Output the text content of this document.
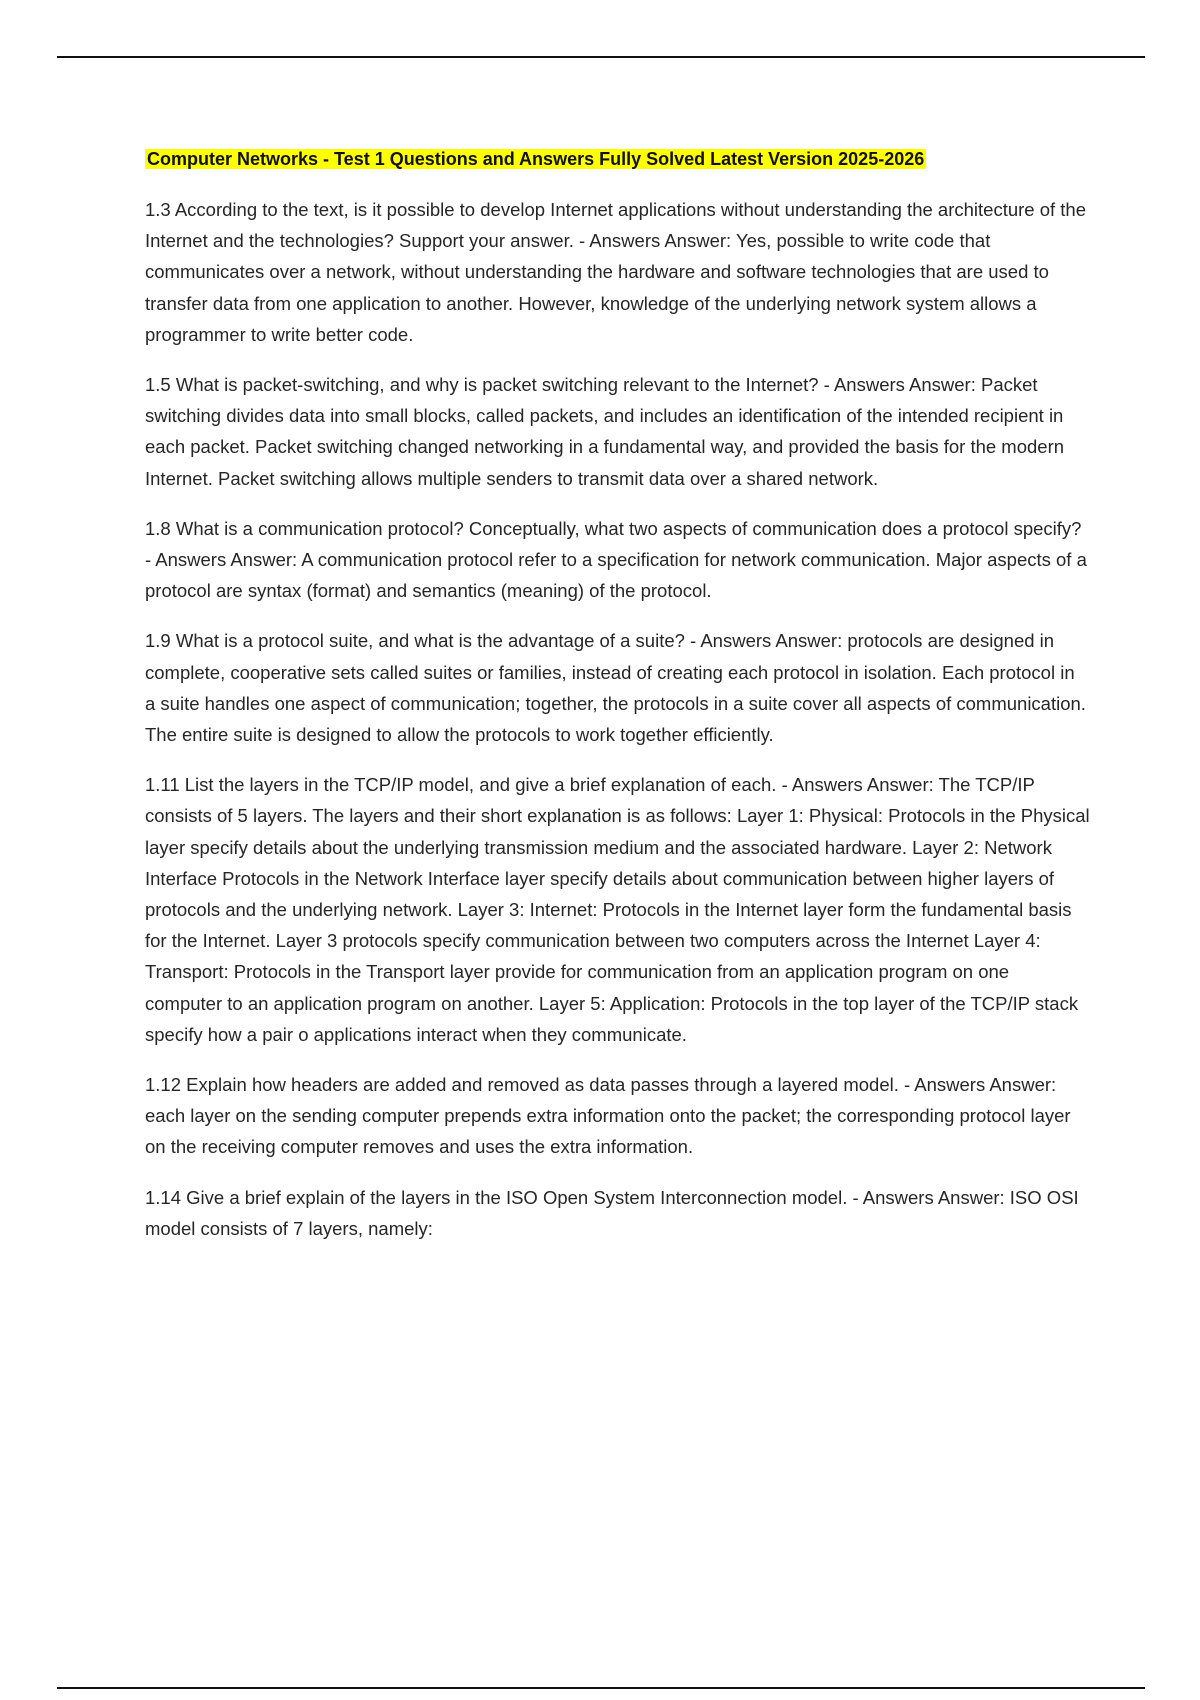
Computer Networks - Test 1 Questions and Answers Fully Solved Latest Version 2025-2026

1.3 According to the text, is it possible to develop Internet applications without understanding the architecture of the Internet and the technologies? Support your answer. - Answers Answer: Yes, possible to write code that communicates over a network, without understanding the hardware and software technologies that are used to transfer data from one application to another. However, knowledge of the underlying network system allows a programmer to write better code.

1.5 What is packet-switching, and why is packet switching relevant to the Internet? - Answers Answer: Packet switching divides data into small blocks, called packets, and includes an identification of the intended recipient in each packet. Packet switching changed networking in a fundamental way, and provided the basis for the modern Internet. Packet switching allows multiple senders to transmit data over a shared network.

1.8 What is a communication protocol? Conceptually, what two aspects of communication does a protocol specify? - Answers Answer: A communication protocol refer to a specification for network communication. Major aspects of a protocol are syntax (format) and semantics (meaning) of the protocol.

1.9 What is a protocol suite, and what is the advantage of a suite? - Answers Answer: protocols are designed in complete, cooperative sets called suites or families, instead of creating each protocol in isolation. Each protocol in a suite handles one aspect of communication; together, the protocols in a suite cover all aspects of communication. The entire suite is designed to allow the protocols to work together efficiently.

1.11 List the layers in the TCP/IP model, and give a brief explanation of each. - Answers Answer: The TCP/IP consists of 5 layers. The layers and their short explanation is as follows: Layer 1: Physical: Protocols in the Physical layer specify details about the underlying transmission medium and the associated hardware. Layer 2: Network Interface Protocols in the Network Interface layer specify details about communication between higher layers of protocols and the underlying network. Layer 3: Internet: Protocols in the Internet layer form the fundamental basis for the Internet. Layer 3 protocols specify communication between two computers across the Internet Layer 4: Transport: Protocols in the Transport layer provide for communication from an application program on one computer to an application program on another. Layer 5: Application: Protocols in the top layer of the TCP/IP stack specify how a pair o applications interact when they communicate.

1.12 Explain how headers are added and removed as data passes through a layered model. - Answers Answer: each layer on the sending computer prepends extra information onto the packet; the corresponding protocol layer on the receiving computer removes and uses the extra information.

1.14 Give a brief explain of the layers in the ISO Open System Interconnection model. - Answers Answer: ISO OSI model consists of 7 layers, namely:
